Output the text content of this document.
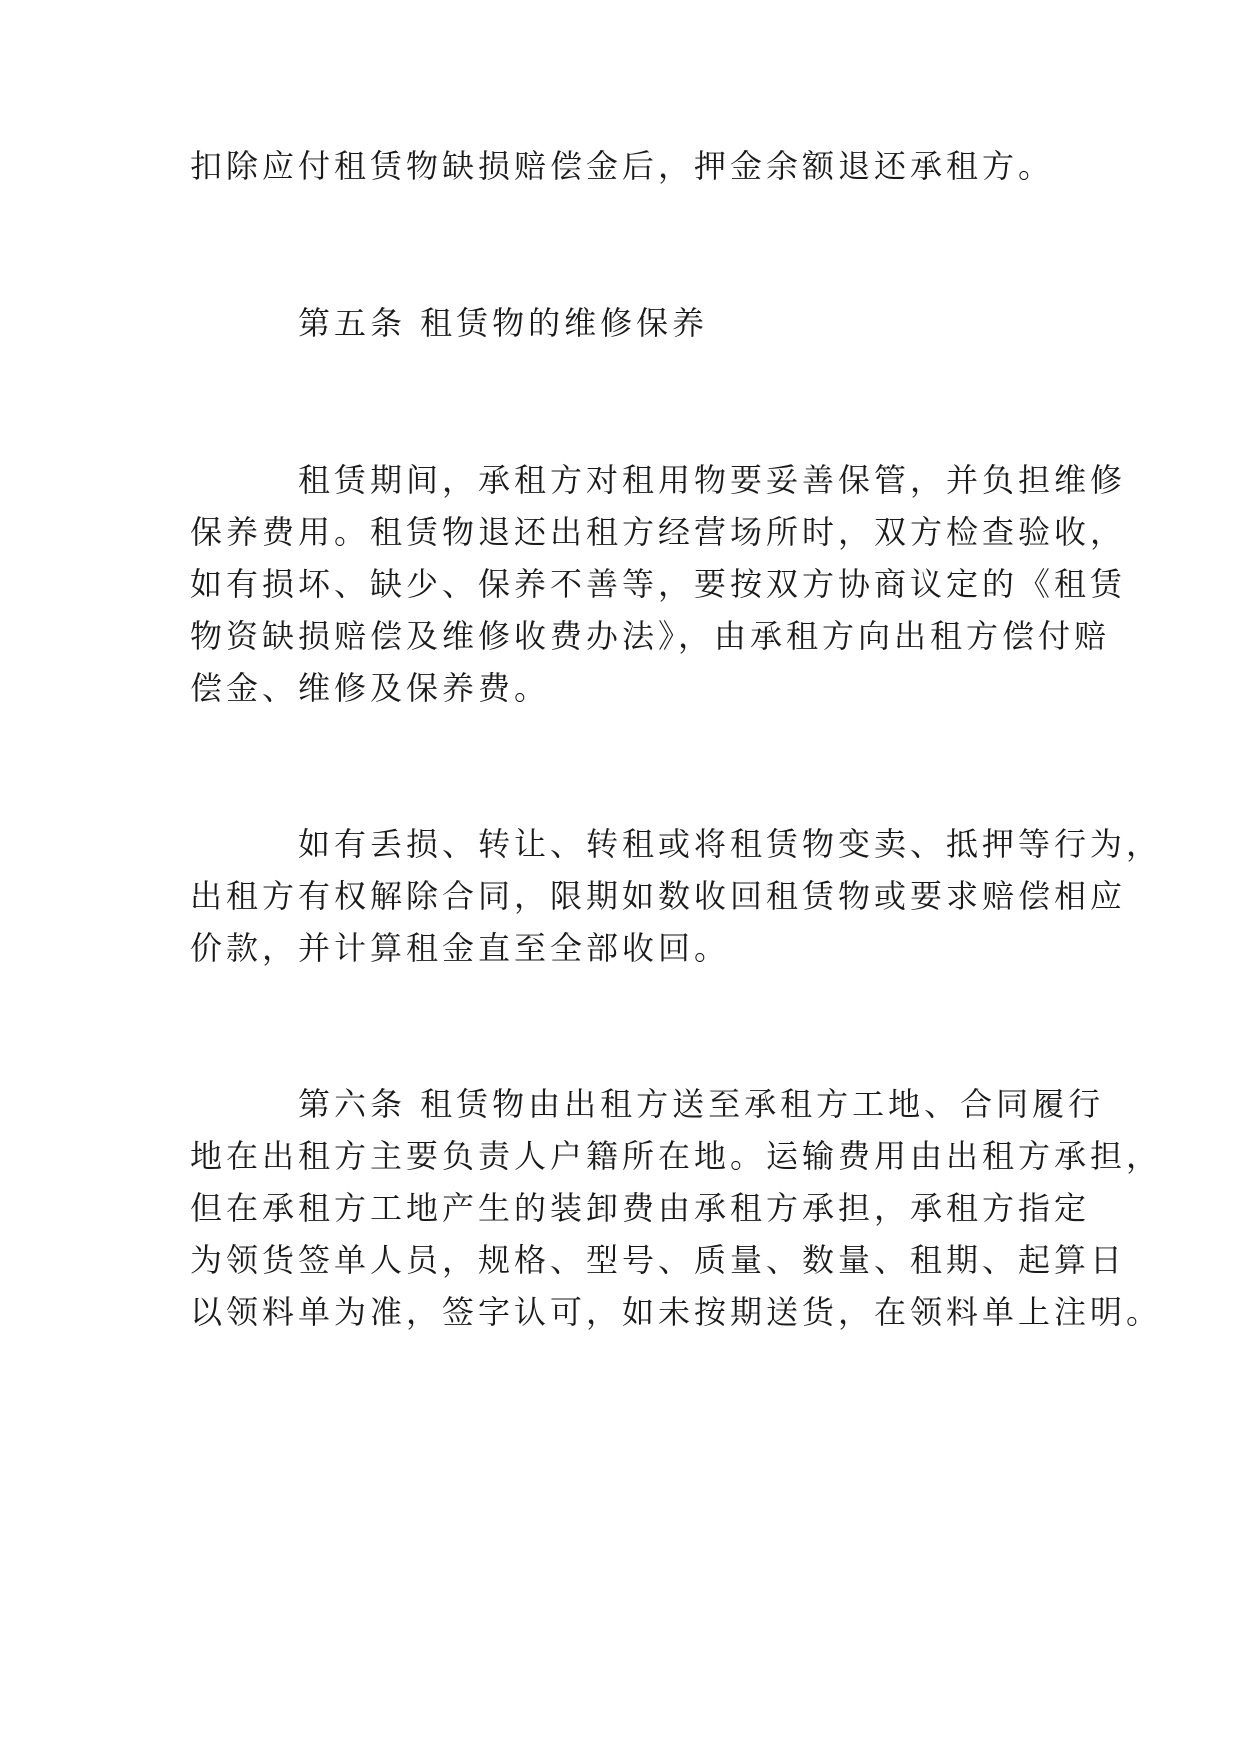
扣除应付租赁物缺损赔偿金后，押金余额退还承租方。

第五条 租赁物的维修保养

租赁期间，承租方对租用物要妥善保管，并负担维修
保养费用。租赁物退还出租方经营场所时，双方检查验收，
如有损坏、缺少、保养不善等，要按双方协商议定的《租赁
物资缺损赔偿及维修收费办法》，由承租方向出租方偿付赔
偿金、维修及保养费。

如有丢损、转让、转租或将租赁物变卖、抵押等行为，
出租方有权解除合同，限期如数收回租赁物或要求赔偿相应
价款，并计算租金直至全部收回。

第六条 租赁物由出租方送至承租方工地、合同履行
地在出租方主要负责人户籍所在地。运输费用由出租方承担，
但在承租方工地产生的装卸费由承租方承担，承租方指定
为领货签单人员，规格、型号、质量、数量、租期、起算日
以领料单为准，签字认可，如未按期送货，在领料单上注明。
